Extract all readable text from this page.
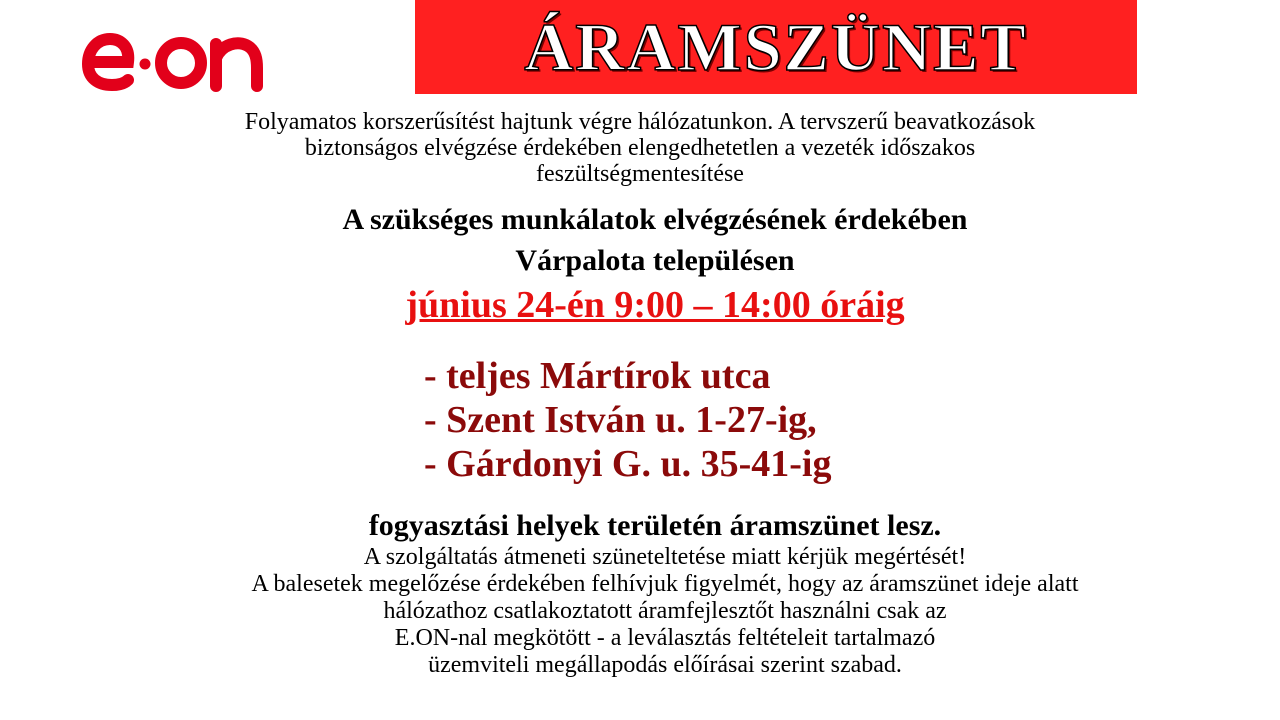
ÁRAMSZÜNET
Folyamatos korszerűsítést hajtunk végre hálózatunkon. A tervszerű beavatkozások
biztonságos elvégzése érdekében elengedhetetlen a vezeték időszakos
feszültségmentesítése
A szükséges munkálatok elvégzésének érdekében
Várpalota településen
június 24-én 9:00 – 14:00 óráig
- teljes Mártírok utca
- Szent István u. 1-27-ig,
- Gárdonyi G. u. 35-41-ig
fogyasztási helyek területén áramszünet lesz.
A szolgáltatás átmeneti szüneteltetése miatt kérjük megértését!
A balesetek megelőzése érdekében felhívjuk figyelmét, hogy az áramszünet ideje alatt
hálózathoz csatlakoztatott áramfejlesztőt használni csak az
E.ON-nal megkötött - a leválasztás feltételeit tartalmazó
üzemviteli megállapodás előírásai szerint szabad.
